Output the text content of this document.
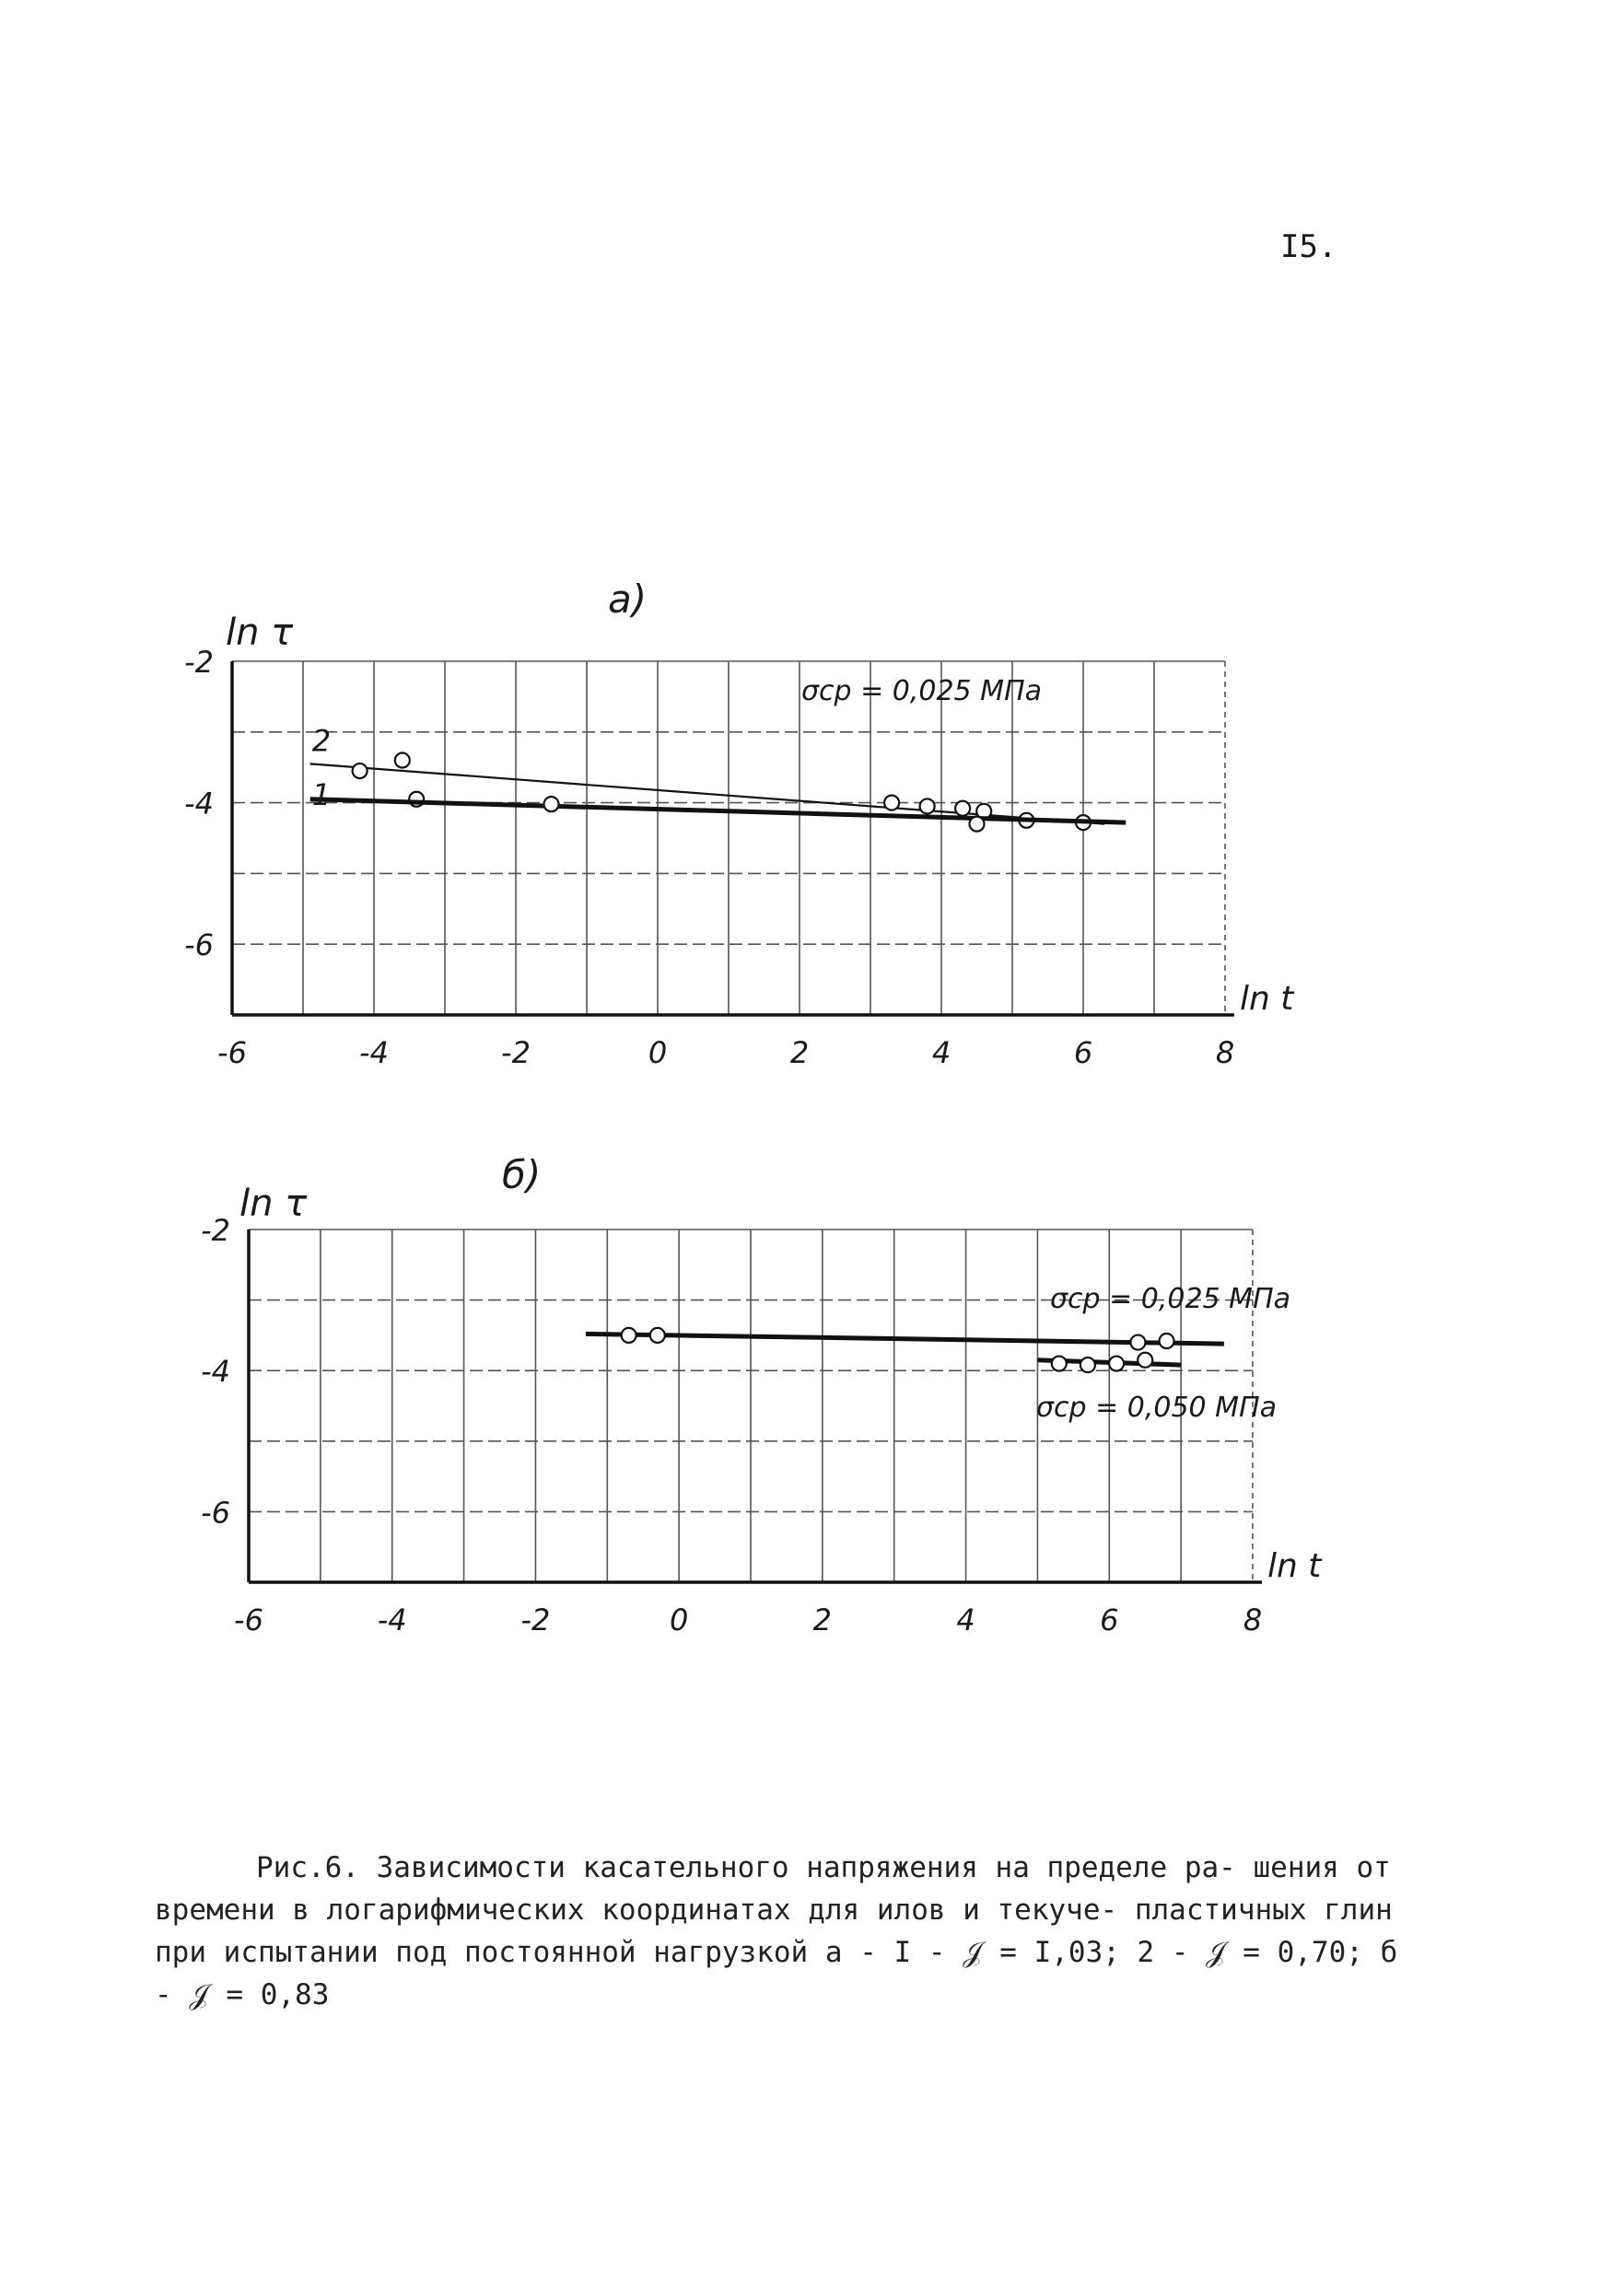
I5.
-6	-4	-2	0	2	4	6	8
-2
-4
-6
а)
ln τ
ln t
σср = 0,025 МПа
2
1
-6	-4	-2	0	2	4	6	8
-2
-4
-6
б)
ln τ
ln t
σср = 0,025 МПа
σср = 0,050 МПа
Рис.6. Зависимости касательного напряжения на пределе ра- шения от времени в логарифмических координатах для илов и текуче- пластичных глин при испытании под постоянной нагрузкой а - I - 𝒥 = I,03; 2 - 𝒥 = 0,70; б - 𝒥 = 0,83
